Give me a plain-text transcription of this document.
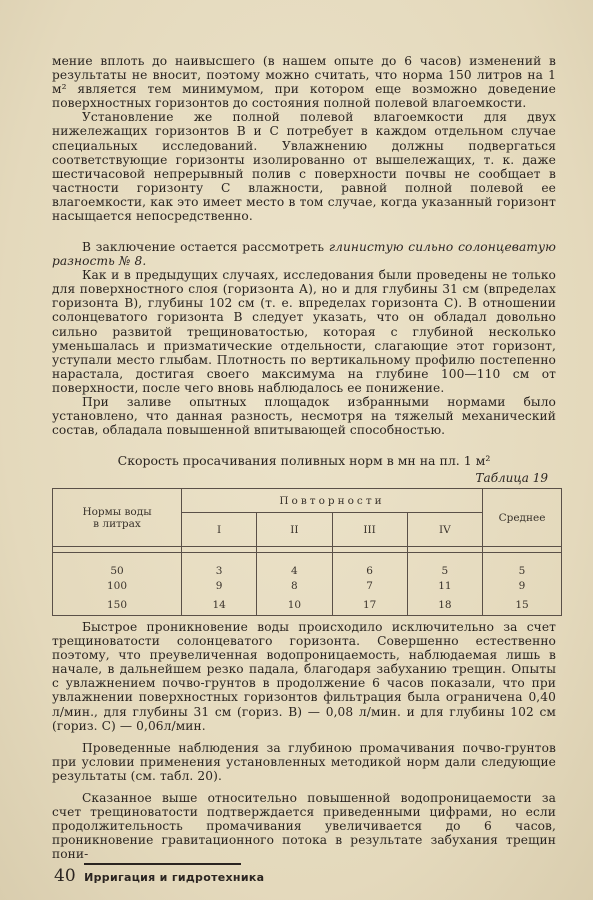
мение вплоть до наивысшего (в нашем опыте до 6 часов) изменений в результаты не вносит, поэтому можно считать, что норма 150 литров на 1 м² является тем минимумом, при котором еще возможно доведение поверхностных горизонтов до состояния полной полевой влагоемкости.

Установление же полной полевой влагоемкости для двух нижележащих горизонтов В и С потребует в каждом отдельном случае специальных исследований. Увлажнению должны подвергаться соответствующие горизонты изолированно от вышележащих, т. к. даже шестичасовой непрерывный полив с поверхности почвы не сообщает в частности горизонту С влажности, равной полной полевой ее влагоемкости, как это имеет место в том случае, когда указанный горизонт насыщается непосредственно.

В заключение остается рассмотреть глинистую сильно солонцеватую разность № 8.

Как и в предыдущих случаях, исследования были проведены не только для поверхностного слоя (горизонта А), но и для глубины 31 см (впределах горизонта В), глубины 102 см (т. е. впределах горизонта С). В отношении солонцеватого горизонта В следует указать, что он обладал довольно сильно развитой трещиноватостью, которая с глубиной несколько уменьшалась и призматические отдельности, слагающие этот горизонт, уступали место глыбам. Плотность по вертикальному профилю постепенно нарастала, достигая своего максимума на глубине 100—110 см от поверхности, после чего вновь наблюдалось ее понижение.

При заливе опытных площадок избранными нормами было установлено, что данная разность, несмотря на тяжелый механический состав, обладала повышенной впитывающей способностью.

Скорость просачивания поливных норм в мн на пл. 1 м²
Таблица 19
Нормы воды
в литрах	Повторности				Среднее
	I	II	III	IV	

50	3	4	6	5	5
100	9	8	7	11	9
150	14	10	17	18	15

Быстрое проникновение воды происходило исключительно за счет трещиноватости солонцеватого горизонта. Совершенно естественно поэтому, что преувеличенная водопроницаемость, наблюдаемая лишь в начале, в дальнейшем резко падала, благодаря забуханию трещин. Опыты с увлажнением почво-грунтов в продолжение 6 часов показали, что при увлажнении поверхностных горизонтов фильтрация была ограничена 0,40 л/мин., для глубины 31 см (гориз. В) — 0,08 л/мин. и для глубины 102 см (гориз. С) — 0,06л/мин.

Проведенные наблюдения за глубиною промачивания почво-грунтов при условии применения установленных методикой норм дали следующие результаты (см. табл. 20).

Сказанное выше относительно повышенной водопроницаемости за счет трещиноватости подтверждается приведенными цифрами, но если продолжительность промачивания увеличивается до 6 часов, проникновение гравитационного потока в результате забухания трещин пони-

40 Ирригация и гидротехника
